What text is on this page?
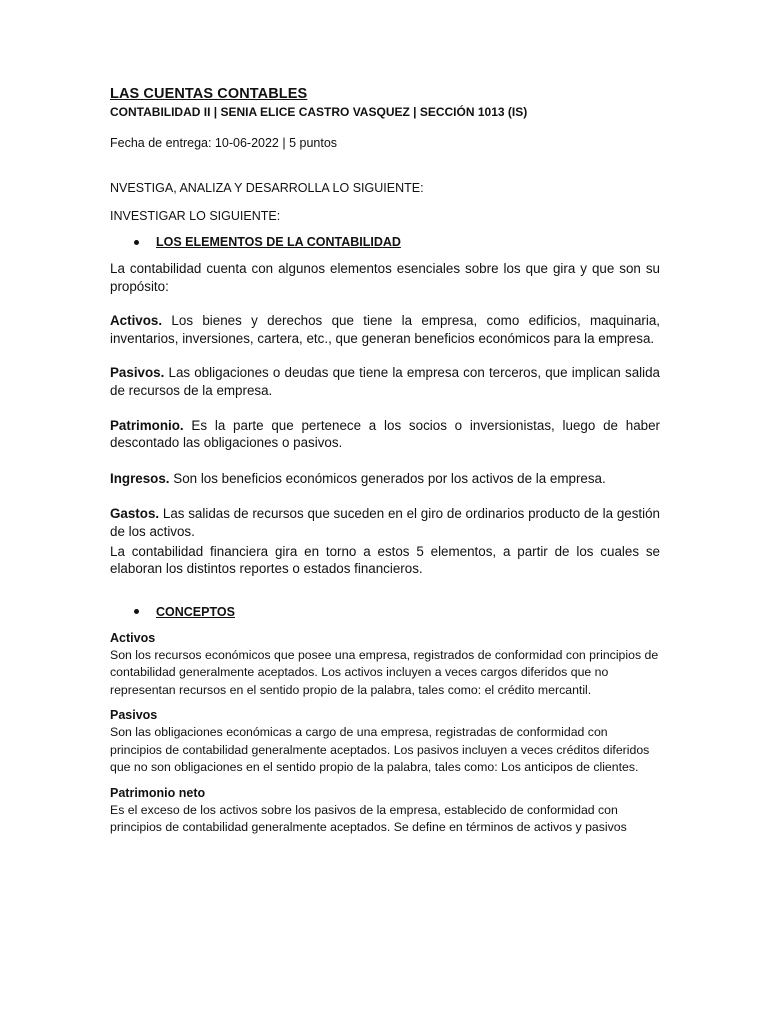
LAS CUENTAS CONTABLES

CONTABILIDAD II | SENIA ELICE CASTRO VASQUEZ | SECCIÓN 1013 (IS)

Fecha de entrega: 10-06-2022 | 5 puntos

NVESTIGA, ANALIZA Y DESARROLLA LO SIGUIENTE:

INVESTIGAR LO SIGUIENTE:

LOS ELEMENTOS DE LA CONTABILIDAD

La contabilidad cuenta con algunos elementos esenciales sobre los que gira y que son su propósito:

Activos. Los bienes y derechos que tiene la empresa, como edificios, maquinaria, inventarios, inversiones, cartera, etc., que generan beneficios económicos para la empresa.

Pasivos. Las obligaciones o deudas que tiene la empresa con terceros, que implican salida de recursos de la empresa.

Patrimonio. Es la parte que pertenece a los socios o inversionistas, luego de haber descontado las obligaciones o pasivos.

Ingresos. Son los beneficios económicos generados por los activos de la empresa.

Gastos. Las salidas de recursos que suceden en el giro de ordinarios producto de la gestión de los activos.

La contabilidad financiera gira en torno a estos 5 elementos, a partir de los cuales se elaboran los distintos reportes o estados financieros.

CONCEPTOS

Activos

Son los recursos económicos que posee una empresa, registrados de conformidad con principios de contabilidad generalmente aceptados. Los activos incluyen a veces cargos diferidos que no representan recursos en el sentido propio de la palabra, tales como: el crédito mercantil.

Pasivos

Son las obligaciones económicas a cargo de una empresa, registradas de conformidad con principios de contabilidad generalmente aceptados. Los pasivos incluyen a veces créditos diferidos que no son obligaciones en el sentido propio de la palabra, tales como: Los anticipos de clientes.

Patrimonio neto

Es el exceso de los activos sobre los pasivos de la empresa, establecido de conformidad con principios de contabilidad generalmente aceptados. Se define en términos de activos y pasivos
